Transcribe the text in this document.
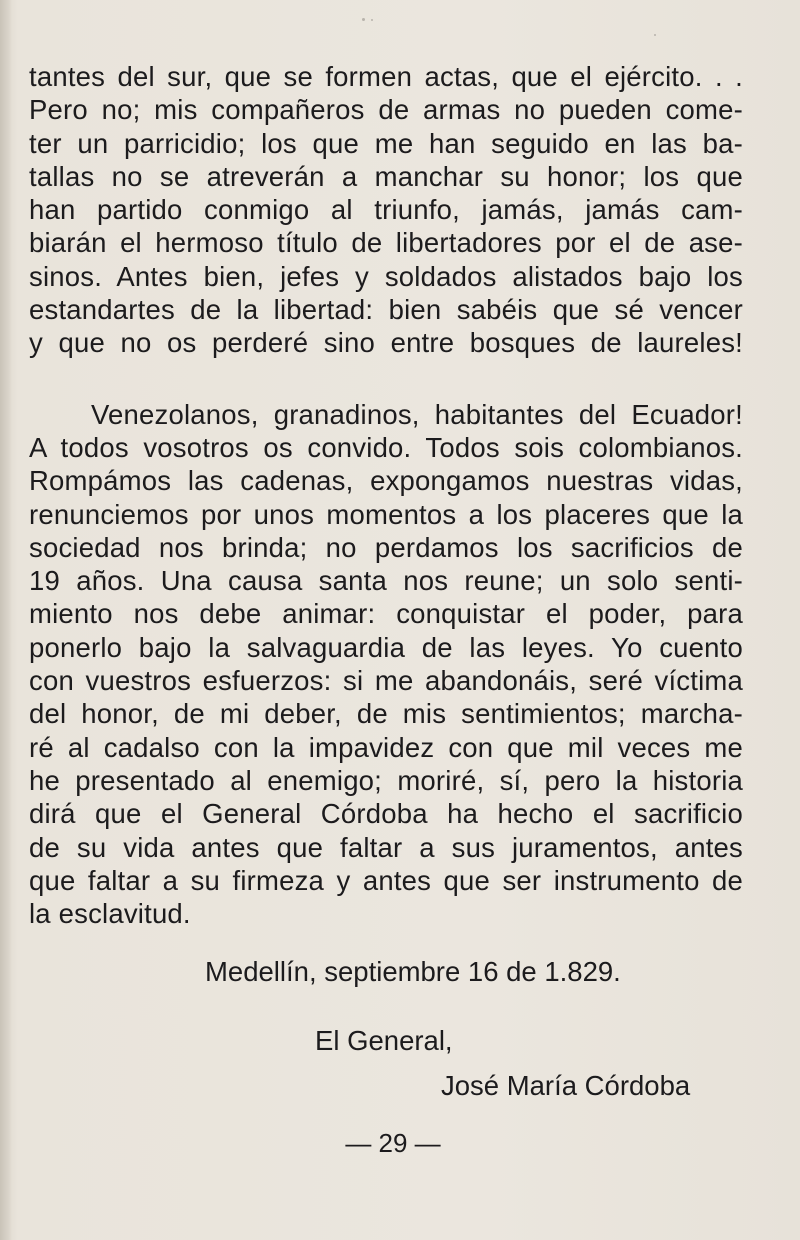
tantes del sur, que se formen actas, que el ejército. . .
Pero no; mis compañeros de armas no pueden come-
ter un parricidio; los que me han seguido en las ba-
tallas no se atreverán a manchar su honor; los que
han partido conmigo al triunfo, jamás, jamás cam-
biarán el hermoso título de libertadores por el de ase-
sinos. Antes bien, jefes y soldados alistados bajo los
estandartes de la libertad: bien sabéis que sé vencer
y que no os perderé sino entre bosques de laureles!
Venezolanos, granadinos, habitantes del Ecuador!
A todos vosotros os convido. Todos sois colombianos.
Rompámos las cadenas, expongamos nuestras vidas,
renunciemos por unos momentos a los placeres que la
sociedad nos brinda; no perdamos los sacrificios de
19 años. Una causa santa nos reune; un solo senti-
miento nos debe animar: conquistar el poder, para
ponerlo bajo la salvaguardia de las leyes. Yo cuento
con vuestros esfuerzos: si me abandonáis, seré víctima
del honor, de mi deber, de mis sentimientos; marcha-
ré al cadalso con la impavidez con que mil veces me
he presentado al enemigo; moriré, sí, pero la historia
dirá que el General Córdoba ha hecho el sacrificio
de su vida antes que faltar a sus juramentos, antes
que faltar a su firmeza y antes que ser instrumento de
la esclavitud.
Medellín, septiembre 16 de 1.829.
El General,
José María Córdoba
— 29 —
